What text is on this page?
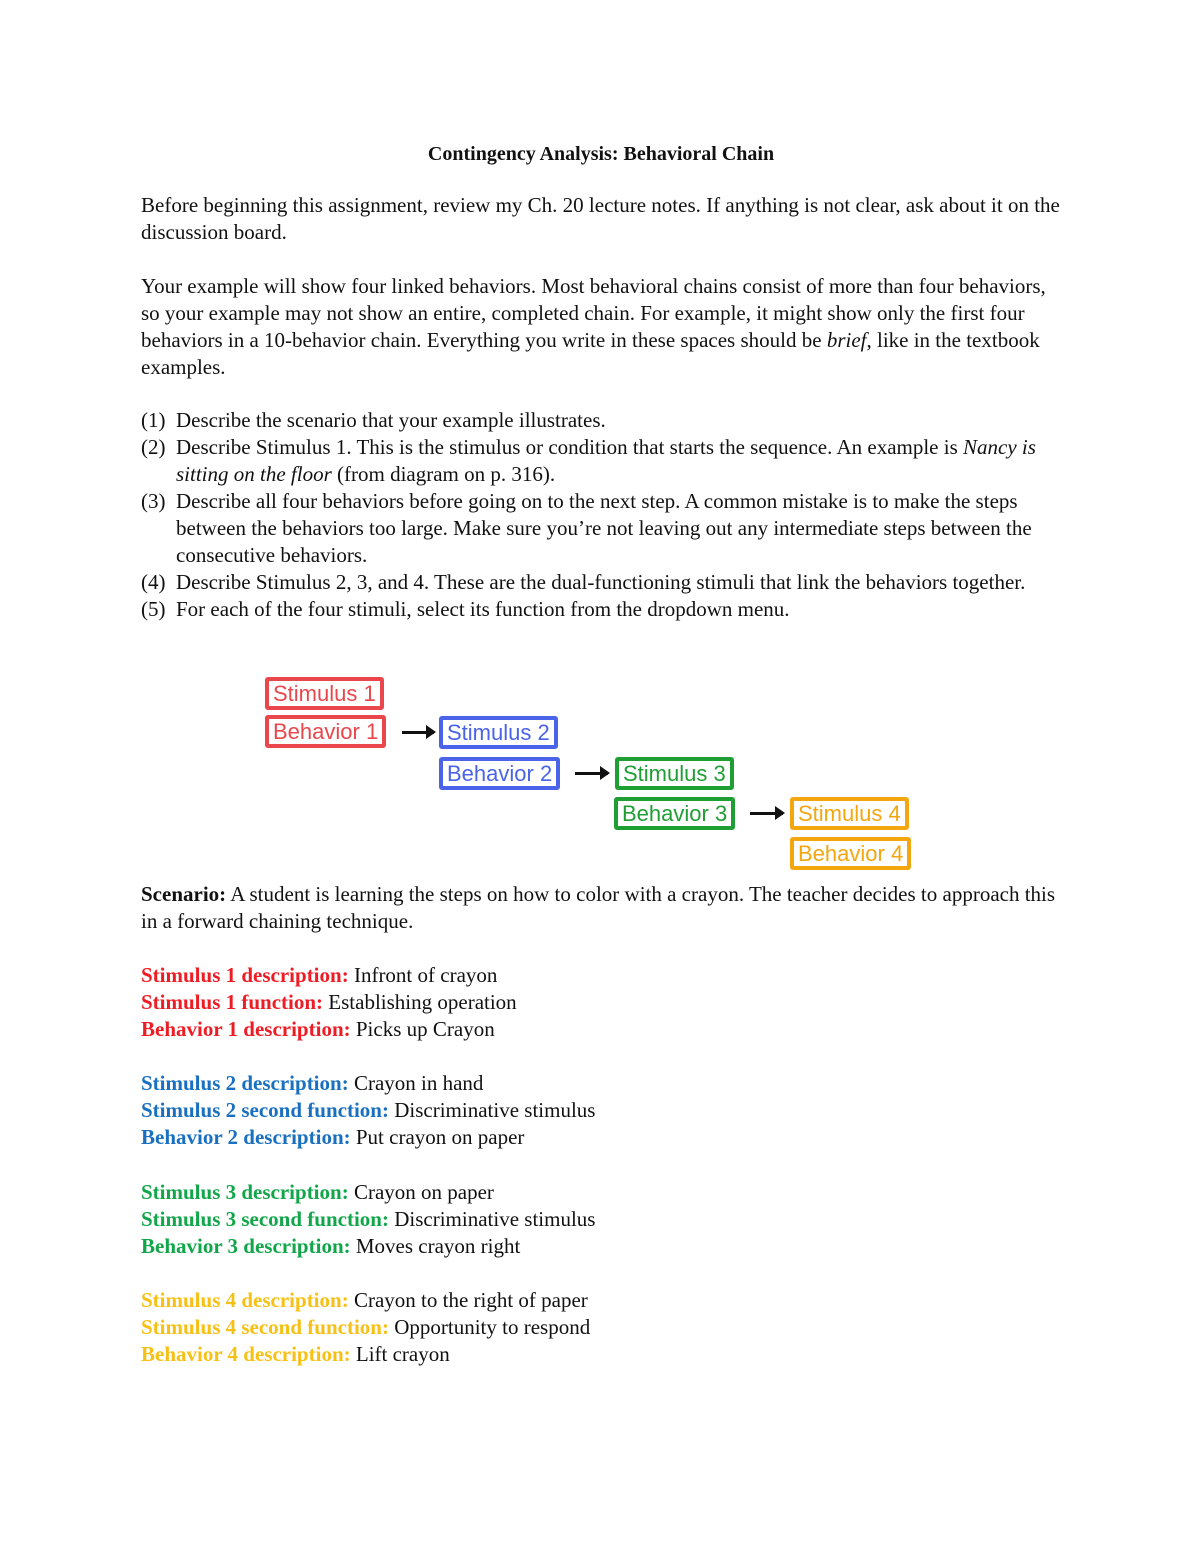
Contingency Analysis: Behavioral Chain

Before beginning this assignment, review my Ch. 20 lecture notes. If anything is not clear, ask about it on the discussion board.

Your example will show four linked behaviors. Most behavioral chains consist of more than four behaviors, so your example may not show an entire, completed chain. For example, it might show only the first four behaviors in a 10-behavior chain. Everything you write in these spaces should be brief, like in the textbook examples.

(1) Describe the scenario that your example illustrates.
(2) Describe Stimulus 1. This is the stimulus or condition that starts the sequence. An example is Nancy is sitting on the floor (from diagram on p. 316).
(3) Describe all four behaviors before going on to the next step. A common mistake is to make the steps between the behaviors too large. Make sure you’re not leaving out any intermediate steps between the consecutive behaviors.
(4) Describe Stimulus 2, 3, and 4. These are the dual-functioning stimuli that link the behaviors together.
(5) For each of the four stimuli, select its function from the dropdown menu.

Scenario: A student is learning the steps on how to color with a crayon. The teacher decides to approach this in a forward chaining technique.

Stimulus 1 description: Infront of crayon
Stimulus 1 function: Establishing operation
Behavior 1 description: Picks up Crayon
Stimulus 2 description: Crayon in hand
Stimulus 2 second function: Discriminative stimulus
Behavior 2 description: Put crayon on paper
Stimulus 3 description: Crayon on paper
Stimulus 3 second function: Discriminative stimulus
Behavior 3 description: Moves crayon right
Stimulus 4 description: Crayon to the right of paper
Stimulus 4 second function: Opportunity to respond
Behavior 4 description: Lift crayon
Stimulus 1
Behavior 1	Stimulus 2
Behavior 2	Stimulus 3
Behavior 3	Stimulus 4
Behavior 4
